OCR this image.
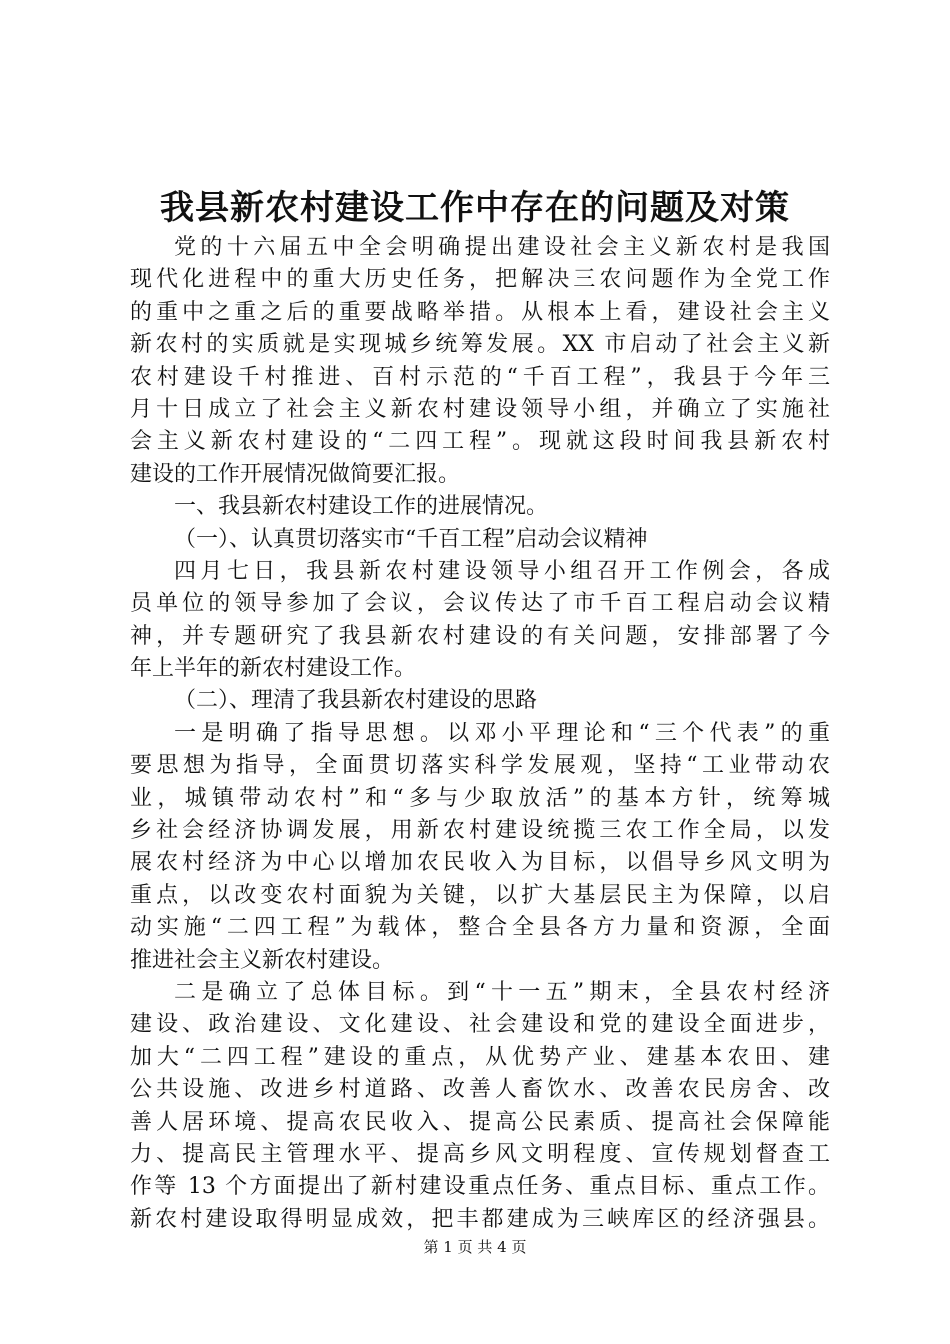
我县新农村建设工作中存在的问题及对策
党的十六届五中全会明确提出建设社会主义新农村是我国
现代化进程中的重大历史任务，把解决三农问题作为全党工作
的重中之重之后的重要战略举措。从根本上看，建设社会主义
新农村的实质就是实现城乡统筹发展。XX 市启动了社会主义新
农村建设千村推进、百村示范的“千百工程”，我县于今年三
月十日成立了社会主义新农村建设领导小组，并确立了实施社
会主义新农村建设的“二四工程”。现就这段时间我县新农村
建设的工作开展情况做简要汇报。
一、我县新农村建设工作的进展情况。
（一）、认真贯切落实市“千百工程”启动会议精神
四月七日，我县新农村建设领导小组召开工作例会，各成
员单位的领导参加了会议，会议传达了市千百工程启动会议精
神，并专题研究了我县新农村建设的有关问题，安排部署了今
年上半年的新农村建设工作。
（二）、理清了我县新农村建设的思路
一是明确了指导思想。以邓小平理论和“三个代表”的重
要思想为指导，全面贯切落实科学发展观，坚持“工业带动农
业，城镇带动农村”和“多与少取放活”的基本方针，统筹城
乡社会经济协调发展，用新农村建设统揽三农工作全局，以发
展农村经济为中心以增加农民收入为目标，以倡导乡风文明为
重点，以改变农村面貌为关键，以扩大基层民主为保障，以启
动实施“二四工程”为载体，整合全县各方力量和资源，全面
推进社会主义新农村建设。
二是确立了总体目标。到“十一五”期末，全县农村经济
建设、政治建设、文化建设、社会建设和党的建设全面进步，
加大“二四工程”建设的重点，从优势产业、建基本农田、建
公共设施、改进乡村道路、改善人畜饮水、改善农民房舍、改
善人居环境、提高农民收入、提高公民素质、提高社会保障能
力、提高民主管理水平、提高乡风文明程度、宣传规划督查工
作等 13 个方面提出了新村建设重点任务、重点目标、重点工作。
新农村建设取得明显成效，把丰都建成为三峡库区的经济强县。
第 1 页 共 4 页
